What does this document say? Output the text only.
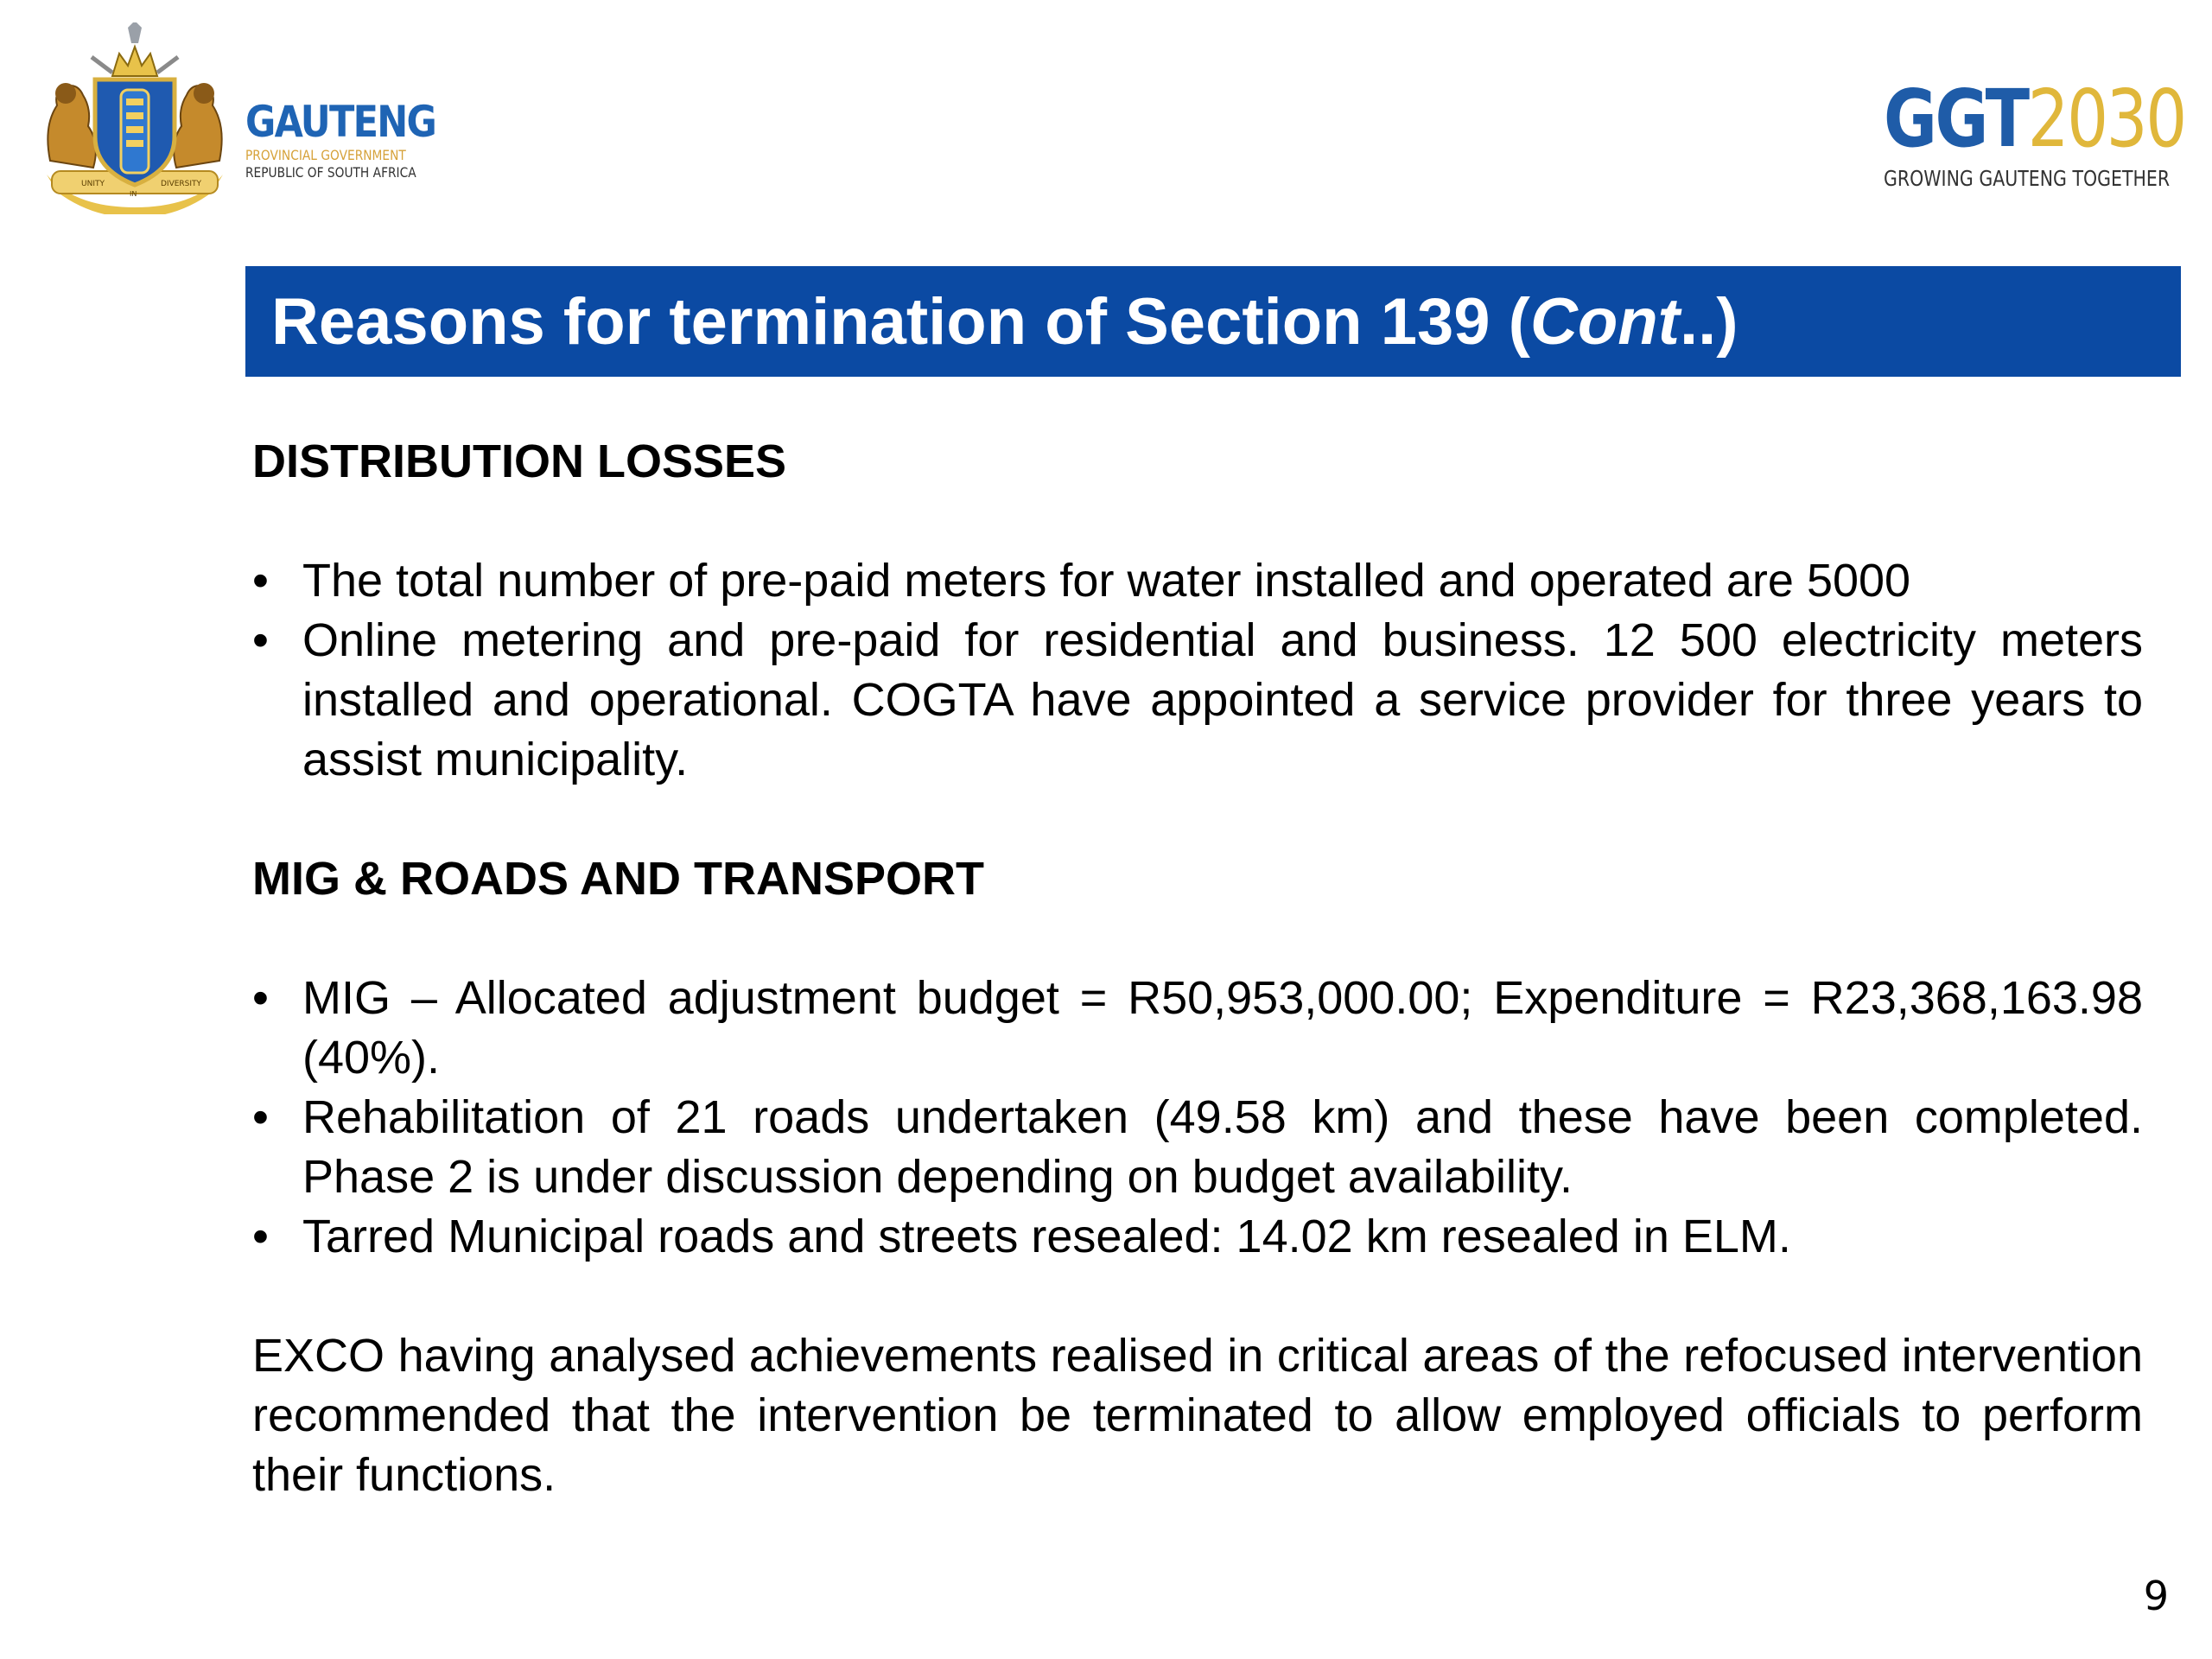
UNITY
IN
DIVERSITY
GAUTENG
PROVINCIAL GOVERNMENT
REPUBLIC OF SOUTH AFRICA
GGT2030
GROWING GAUTENG TOGETHER
Reasons for termination of Section 139 ( Cont ..)

DISTRIBUTION LOSSES

• The total number of pre-paid meters for water installed and operated are 5000
• Online metering and pre-paid for residential and business. 12 500 electricity meters installed and operational. COGTA have appointed a service provider for three years to assist municipality.

MIG & ROADS AND TRANSPORT

• MIG – Allocated adjustment budget = R50,953,000.00; Expenditure = R23,368,163.98 (40%).
• Rehabilitation of 21 roads undertaken (49.58 km) and these have been completed. Phase 2 is under discussion depending on budget availability.
• Tarred Municipal roads and streets resealed: 14.02 km resealed in ELM.

EXCO having analysed achievements realised in critical areas of the refocused intervention recommended that the intervention be terminated to allow employed officials to perform their functions.

9
